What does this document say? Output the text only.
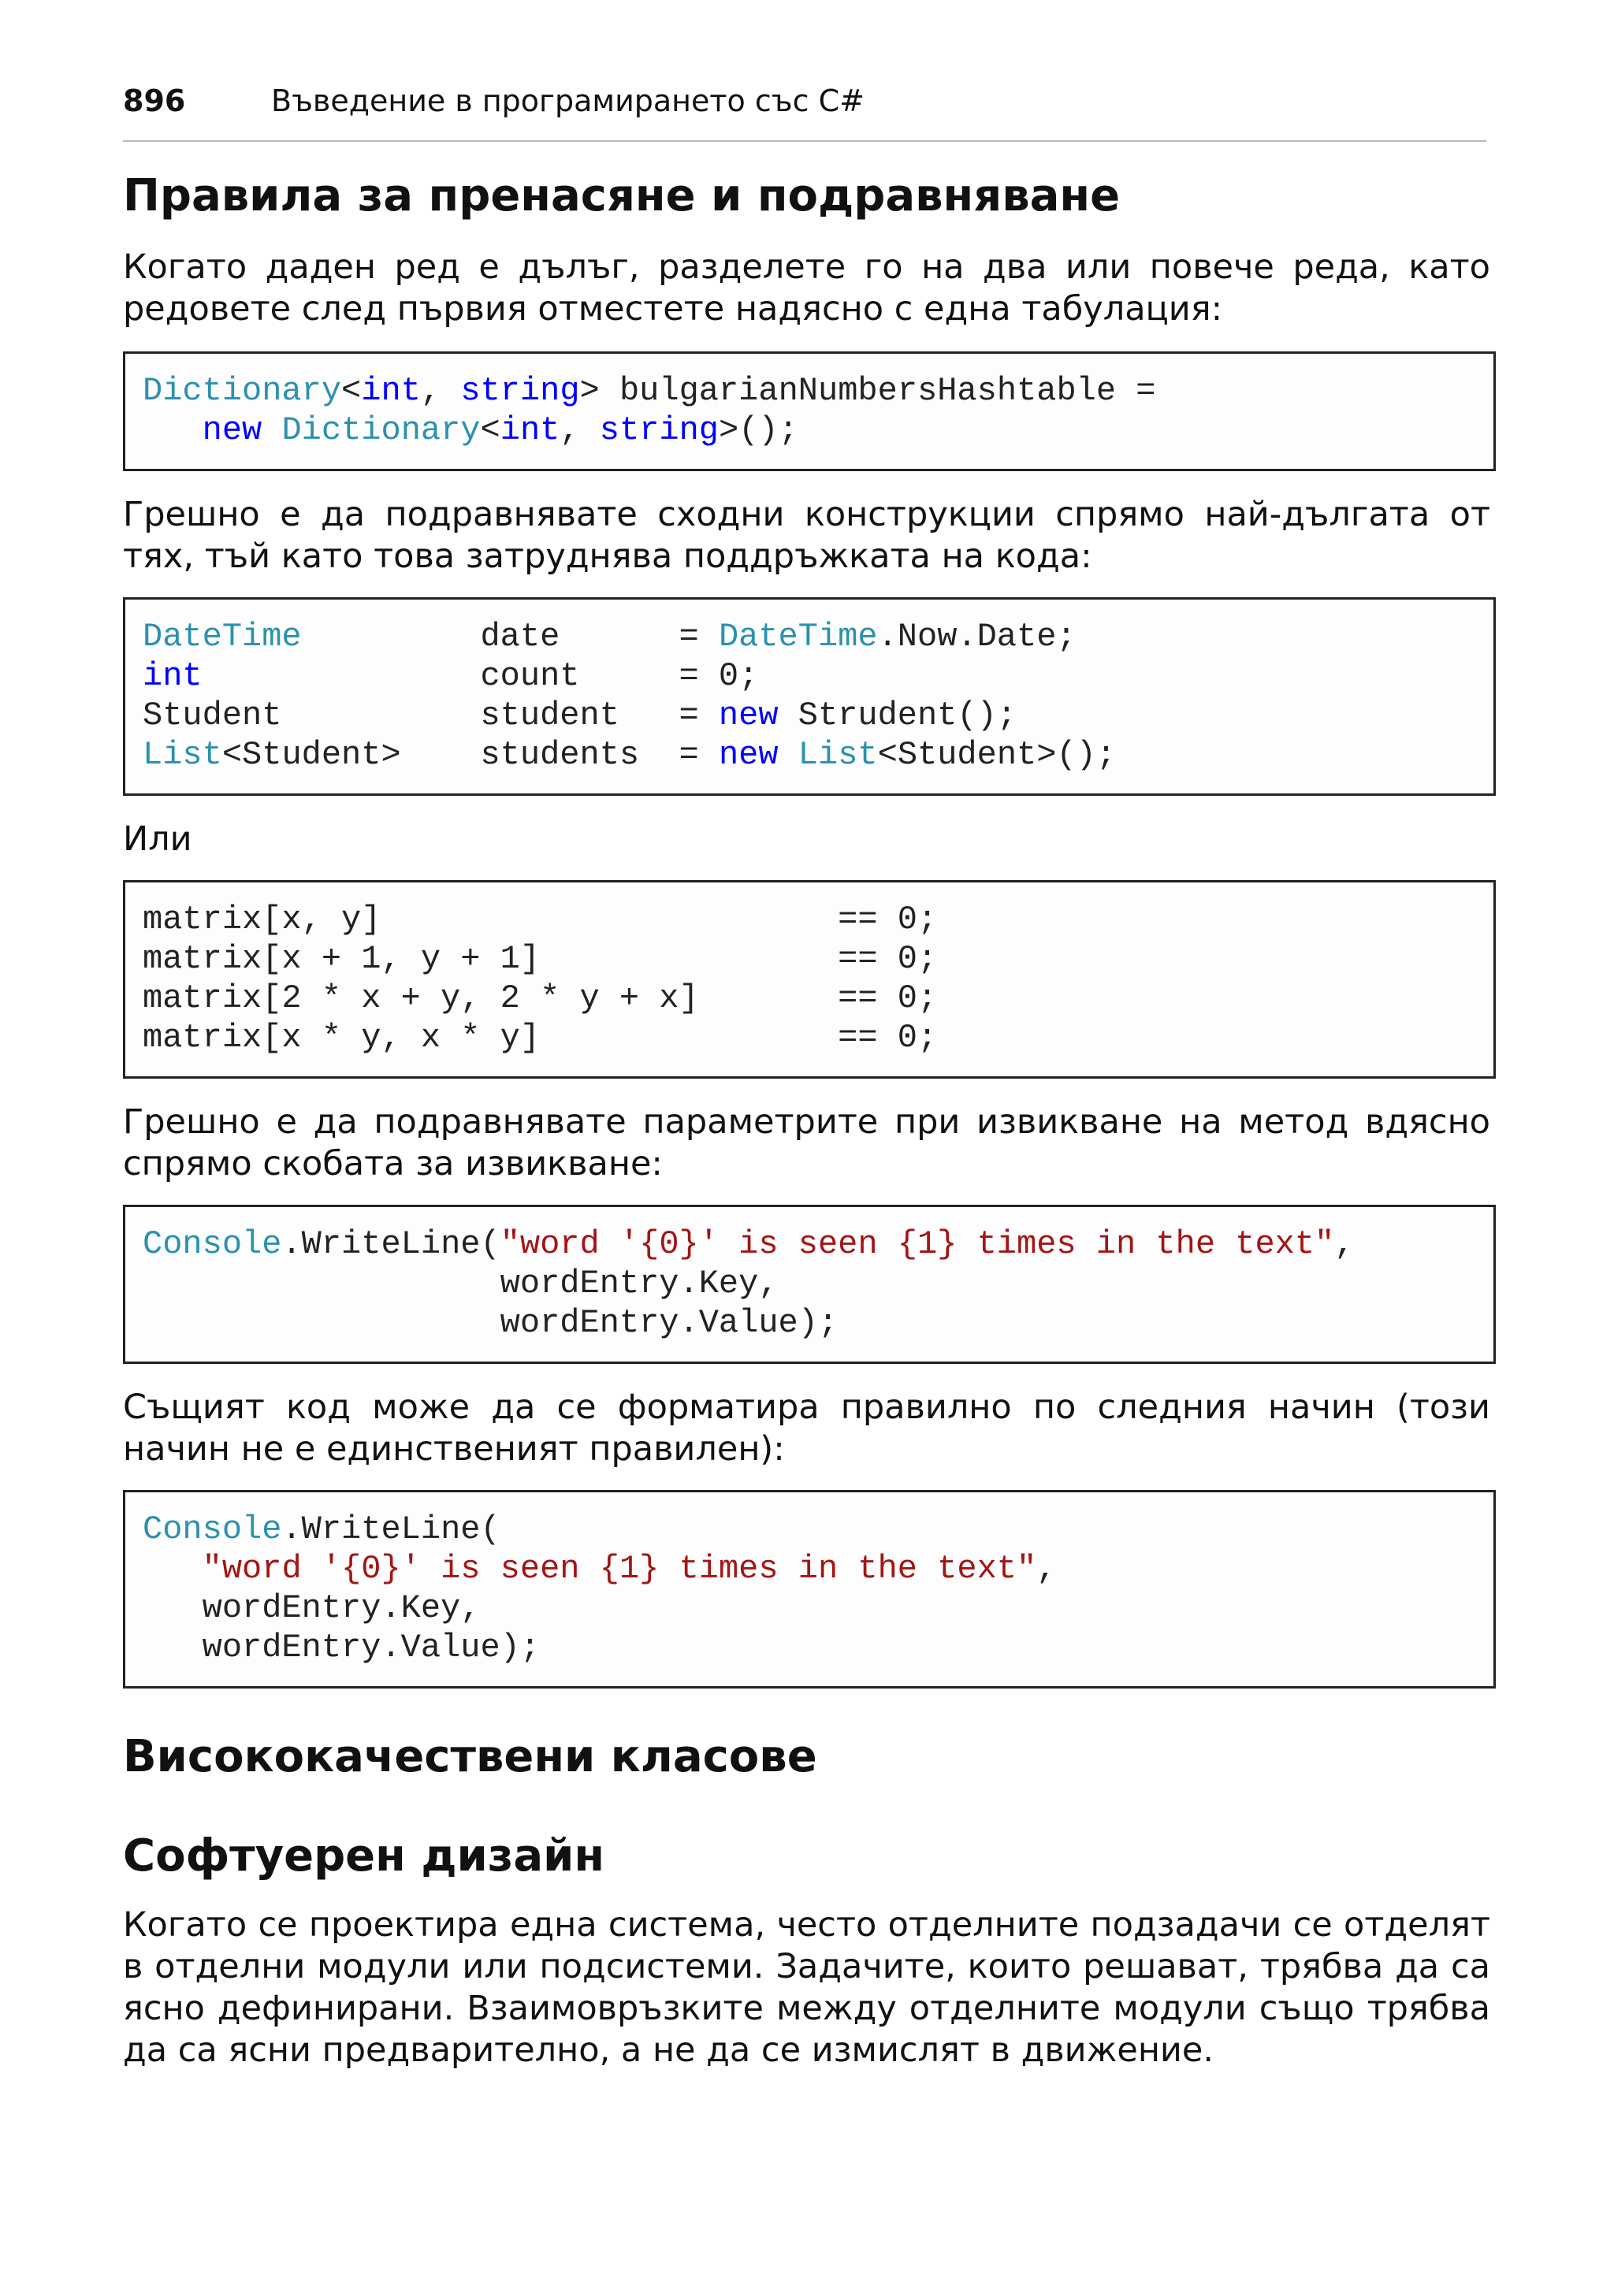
896	Въведение в програмирането със C#
Правила за пренасяне и подравняване

Когато даден ред е дълъг, разделете го на два или повече реда, като редовете след първия отместете надясно с една табулация:

Dictionary<int, string> bulgarianNumbersHashtable =
new Dictionary<int, string>();

Грешно е да подравнявате сходни конструкции спрямо най-дългата от тях, тъй като това затруднява поддръжката на кода:

DateTime         date      = DateTime.Now.Date;
int              count     = 0;
Student          student   = new Strudent();
List<Student>    students  = new List<Student>();

Или

matrix[x, y]                       == 0;
matrix[x + 1, y + 1]               == 0;
matrix[2 * x + y, 2 * y + x]       == 0;
matrix[x * y, x * y]               == 0;

Грешно е да подравнявате параметрите при извикване на метод вдясно спрямо скобата за извикване:

Console.WriteLine("word '{0}' is seen {1} times in the text",
wordEntry.Key,
wordEntry.Value);

Същият код може да се форматира правилно по следния начин (този начин не е единственият правилен):

Console.WriteLine(
"word '{0}' is seen {1} times in the text",
wordEntry.Key,
wordEntry.Value);
Висококачествени класове
Софтуерен дизайн

Когато се проектира една система, често отделните подзадачи се отделят в отделни модули или подсистеми. Задачите, които решават, трябва да са ясно дефинирани. Взаимовръзките между отделните модули също трябва да са ясни предварително, а не да се измислят в движение.
